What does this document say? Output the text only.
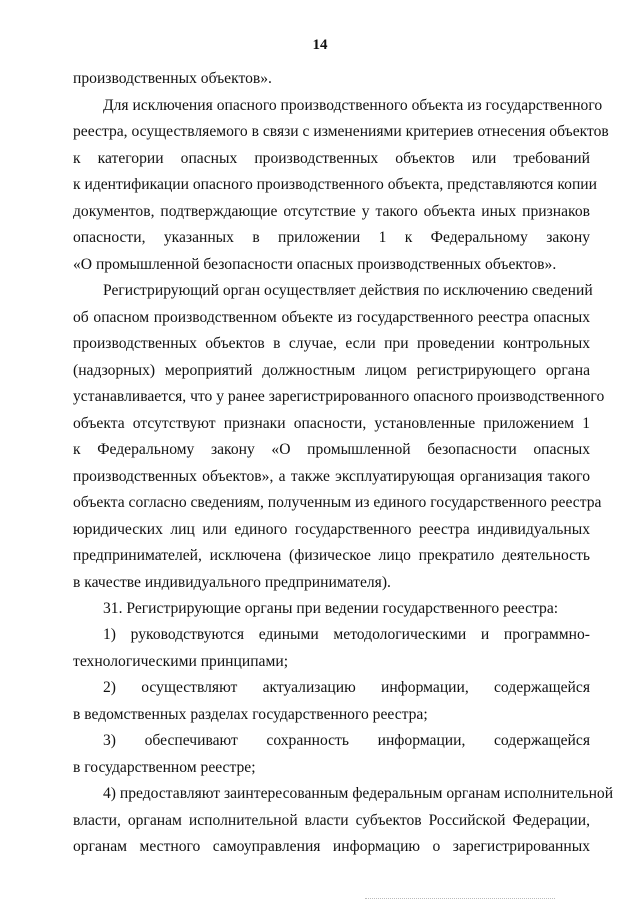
14
производственных объектов».
Для исключения опасного производственного объекта из государственного
реестра, осуществляемого в связи с изменениями критериев отнесения объектов
к категории опасных производственных объектов или требований
к идентификации опасного производственного объекта, представляются копии
документов, подтверждающие отсутствие у такого объекта иных признаков
опасности, указанных в приложении 1 к Федеральному закону
«О промышленной безопасности опасных производственных объектов».
Регистрирующий орган осуществляет действия по исключению сведений
об опасном производственном объекте из государственного реестра опасных
производственных объектов в случае, если при проведении контрольных
(надзорных) мероприятий должностным лицом регистрирующего органа
устанавливается, что у ранее зарегистрированного опасного производственного
объекта отсутствуют признаки опасности, установленные приложением 1
к Федеральному закону «О промышленной безопасности опасных
производственных объектов», а также эксплуатирующая организация такого
объекта согласно сведениям, полученным из единого государственного реестра
юридических лиц или единого государственного реестра индивидуальных
предпринимателей, исключена (физическое лицо прекратило деятельность
в качестве индивидуального предпринимателя).
31. Регистрирующие органы при ведении государственного реестра:
1) руководствуются едиными методологическими и программно-
технологическими принципами;
2) осуществляют актуализацию информации, содержащейся
в ведомственных разделах государственного реестра;
3) обеспечивают сохранность информации, содержащейся
в государственном реестре;
4) предоставляют заинтересованным федеральным органам исполнительной
власти, органам исполнительной власти субъектов Российской Федерации,
органам местного самоуправления информацию о зарегистрированных
